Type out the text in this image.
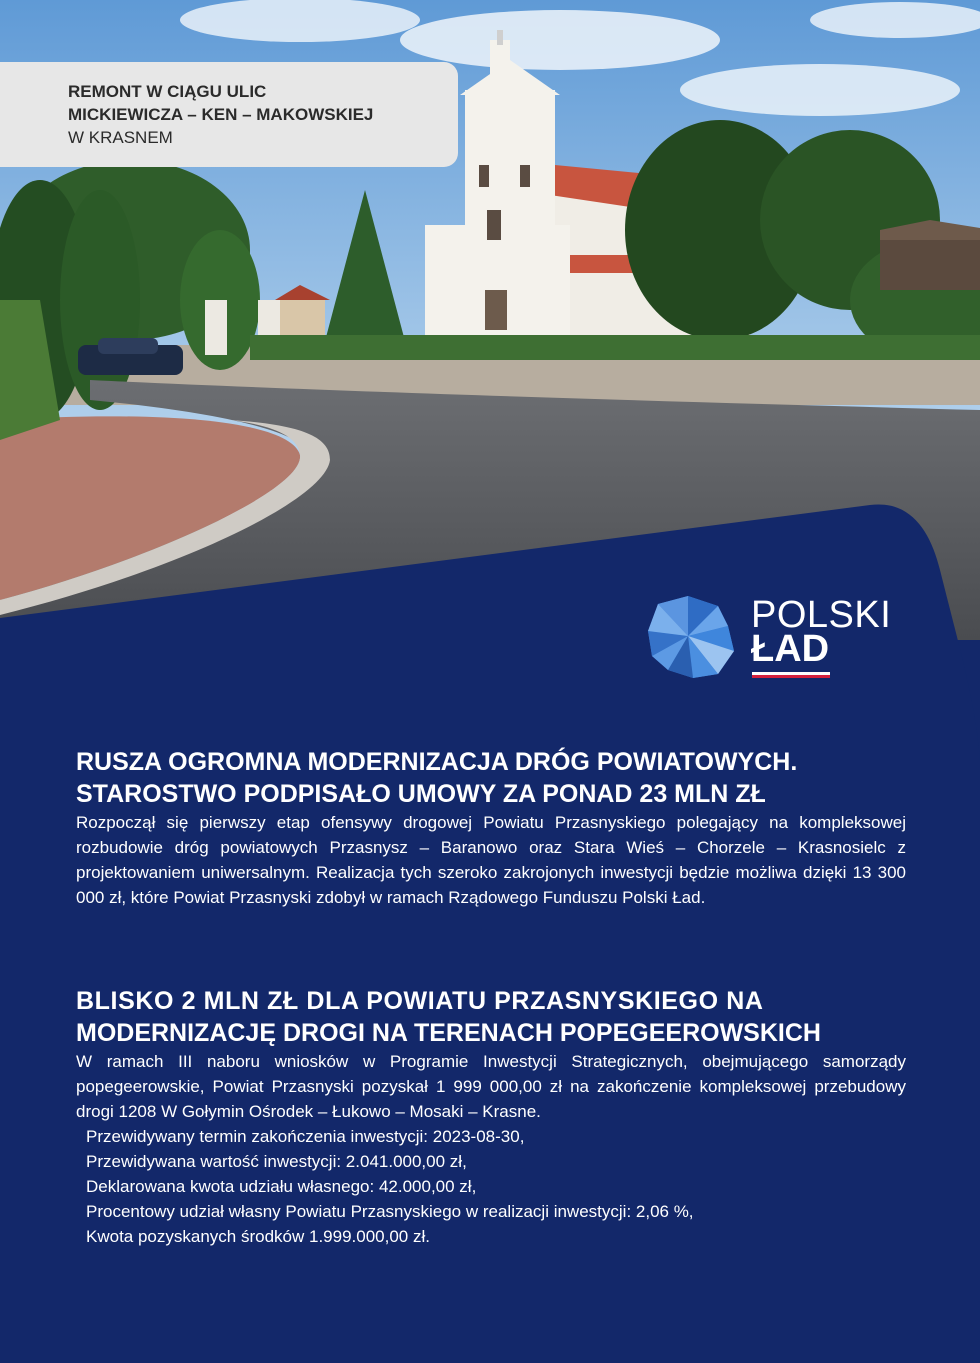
REMONT W CIĄGU ULIC
MICKIEWICZA – KEN – MAKOWSKIEJ
W KRASNEM
POLSKI
ŁAD

RUSZA OGROMNA MODERNIZACJA DRÓG POWIATOWYCH.

STAROSTWO PODPISAŁO UMOWY ZA PONAD 23 MLN ZŁ

Rozpoczął się pierwszy etap ofensywy drogowej Powiatu Przasnyskiego polegający na kompleksowej rozbudowie dróg powiatowych Przasnysz – Baranowo oraz Stara Wieś – Chorzele – Krasnosielc z projektowaniem uniwersalnym. Realizacja tych szeroko zakrojonych inwestycji będzie możliwa dzięki 13 300 000 zł, które Powiat Przasnyski zdobył w ramach Rządowego Funduszu Polski Ład.

BLISKO 2 MLN ZŁ DLA POWIATU PRZASNYSKIEGO NA

MODERNIZACJĘ DROGI NA TERENACH POPEGEEROWSKICH

W ramach III naboru wniosków w Programie Inwestycji Strategicznych, obejmującego samorządy popegeerowskie, Powiat Przasnyski pozyskał 1 999 000,00 zł na zakończenie kompleksowej przebudowy drogi 1208 W Gołymin Ośrodek – Łukowo – Mosaki – Krasne.

Przewidywany termin zakończenia inwestycji: 2023-08-30,
Przewidywana wartość inwestycji: 2.041.000,00 zł,
Deklarowana kwota udziału własnego: 42.000,00 zł,
Procentowy udział własny Powiatu Przasnyskiego w realizacji inwestycji: 2,06 %,
Kwota pozyskanych środków 1.999.000,00 zł.
